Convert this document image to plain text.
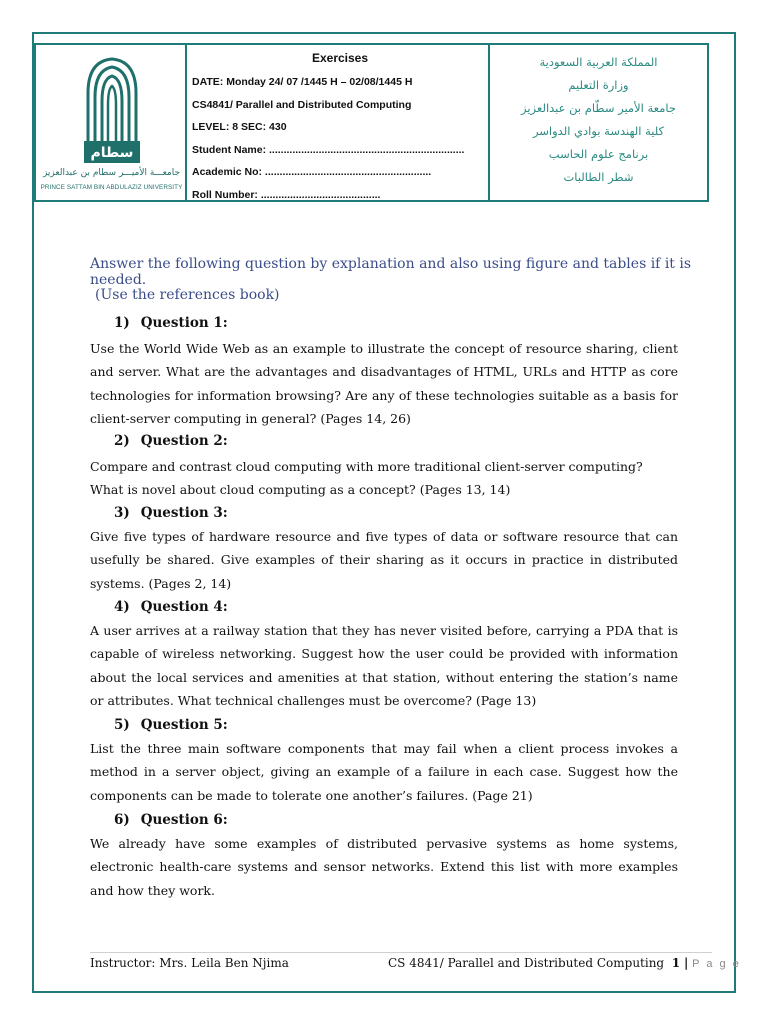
سطام
جامعـــة الأميـــر سطام بن عبدالعزيز
PRINCE SATTAM BIN ABDULAZIZ UNIVERSITY
Exercises
DATE: Monday 24/ 07 /1445 H – 02/08/1445 H
CS4841/ Parallel and Distributed Computing
LEVEL: 8 SEC: 430
Student Name: ...................................................................
Academic No: .........................................................
Roll Number: .........................................
المملكة العربية السعودية
وزارة التعليم
جامعة الأمير سطّام بن عبدالعزيز
كلية الهندسة بوادي الدواسر
برنامج علوم الحاسب
شطر الطالبات
Answer the following question by explanation and also using figure and tables if it is needed.
(Use the references book)
1) Question 1:
Use the World Wide Web as an example to illustrate the concept of resource sharing, client and server. What are the advantages and disadvantages of HTML, URLs and HTTP as core technologies for information browsing? Are any of these technologies suitable as a basis for client-server computing in general? (Pages 14, 26)
2) Question 2:
Compare and contrast cloud computing with more traditional client-server computing?
What is novel about cloud computing as a concept? (Pages 13, 14)
3) Question 3:
Give five types of hardware resource and five types of data or software resource that can usefully be shared. Give examples of their sharing as it occurs in practice in distributed systems. (Pages 2, 14)
4) Question 4:
A user arrives at a railway station that they has never visited before, carrying a PDA that is capable of wireless networking. Suggest how the user could be provided with information about the local services and amenities at that station, without entering the station’s name or attributes. What technical challenges must be overcome? (Page 13)
5) Question 5:
List the three main software components that may fail when a client process invokes a method in a server object, giving an example of a failure in each case. Suggest how the components can be made to tolerate one another’s failures. (Page 21)
6) Question 6:
We already have some examples of distributed pervasive systems as home systems, electronic health-care systems and sensor networks. Extend this list with more examples and how they work.
Instructor: Mrs. Leila Ben Njima	CS 4841/ Parallel and Distributed Computing 1 | P a g e
